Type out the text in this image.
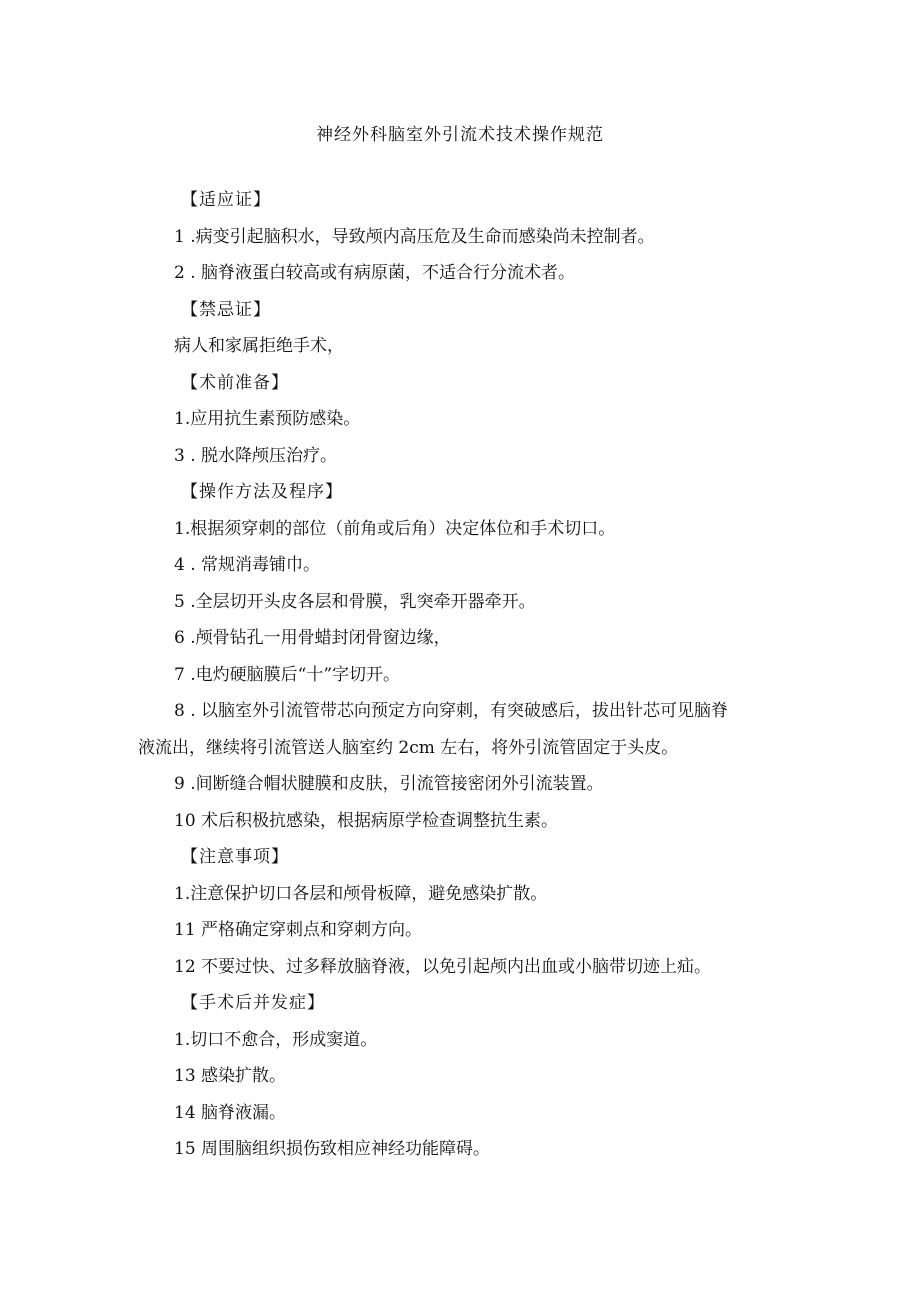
神经外科脑室外引流术技术操作规范
【适应证】
1 .病变引起脑积水，导致颅内高压危及生命而感染尚未控制者。
2 . 脑脊液蛋白较高或有病原菌，不适合行分流术者。
【禁忌证】
病人和家属拒绝手术，
【术前准备】
1.应用抗生素预防感染。
3 . 脱水降颅压治疗。
【操作方法及程序】
1.根据须穿刺的部位（前角或后角）决定体位和手术切口。
4 . 常规消毒铺巾。
5 .全层切开头皮各层和骨膜，乳突牵开器牵开。
6 .颅骨钻孔一用骨蜡封闭骨窗边缘，
7 .电灼硬脑膜后“十”字切开。
8 . 以脑室外引流管带芯向预定方向穿刺，有突破感后，拔出针芯可见脑脊
液流出，继续将引流管送人脑室约 2cm 左右，将外引流管固定于头皮。
9 .间断缝合帽状腱膜和皮肤，引流管接密闭外引流装置。
10 术后积极抗感染，根据病原学检查调整抗生素。
【注意事项】
1.注意保护切口各层和颅骨板障，避免感染扩散。
11 严格确定穿刺点和穿刺方向。
12 不要过快、过多释放脑脊液，以免引起颅内出血或小脑带切迹上疝。
【手术后并发症】
1.切口不愈合，形成窦道。
13 感染扩散。
14 脑脊液漏。
15 周围脑组织损伤致相应神经功能障碍。
